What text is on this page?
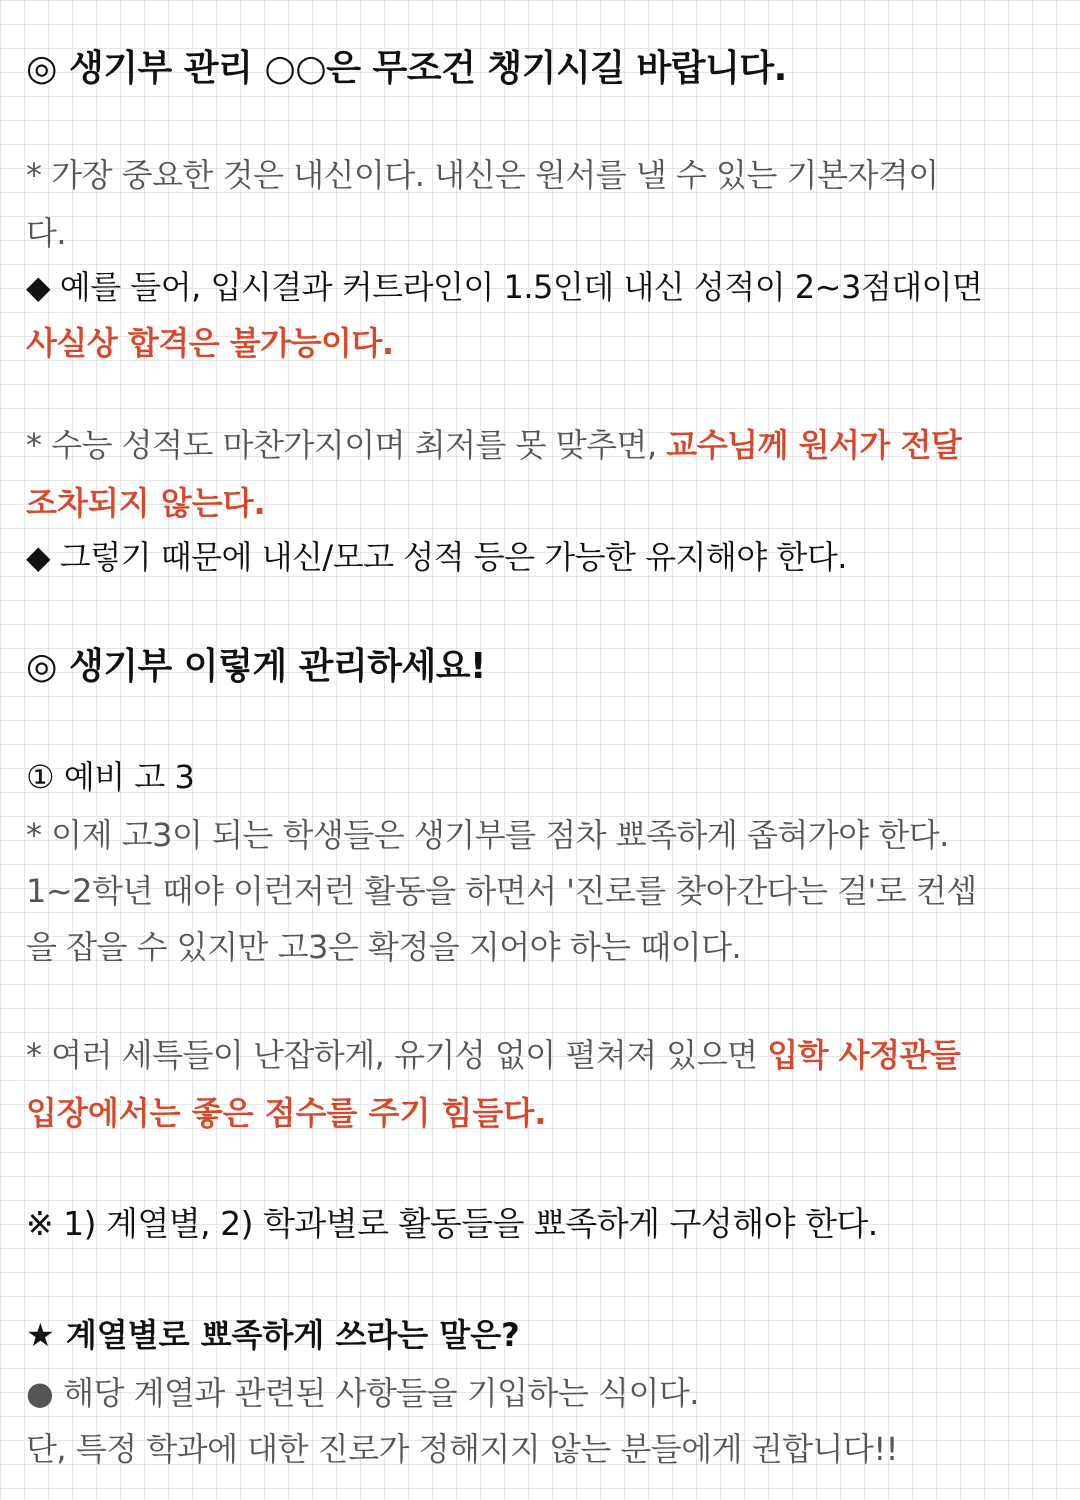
◎ 생기부 관리 ○○은 무조건 챙기시길 바랍니다.
* 가장 중요한 것은 내신이다. 내신은 원서를 낼 수 있는 기본자격이
다.
◆ 예를 들어, 입시결과 커트라인이 1.5인데 내신 성적이 2~3점대이면
사실상 합격은 불가능이다.
* 수능 성적도 마찬가지이며 최저를 못 맞추면, 교수님께 원서가 전달
조차되지 않는다.
◆ 그렇기 때문에 내신/모고 성적 등은 가능한 유지해야 한다.
◎ 생기부 이렇게 관리하세요!
① 예비 고 3
* 이제 고3이 되는 학생들은 생기부를 점차 뾰족하게 좁혀가야 한다.
1~2학년 때야 이런저런 활동을 하면서 '진로를 찾아간다는 걸'로 컨셉
을 잡을 수 있지만 고3은 확정을 지어야 하는 때이다.
* 여러 세특들이 난잡하게, 유기성 없이 펼쳐져 있으면 입학 사정관들
입장에서는 좋은 점수를 주기 힘들다.
※ 1) 계열별, 2) 학과별로 활동들을 뾰족하게 구성해야 한다.
★ 계열별로 뾰족하게 쓰라는 말은?
● 해당 계열과 관련된 사항들을 기입하는 식이다.
단, 특정 학과에 대한 진로가 정해지지 않는 분들에게 권합니다!!
